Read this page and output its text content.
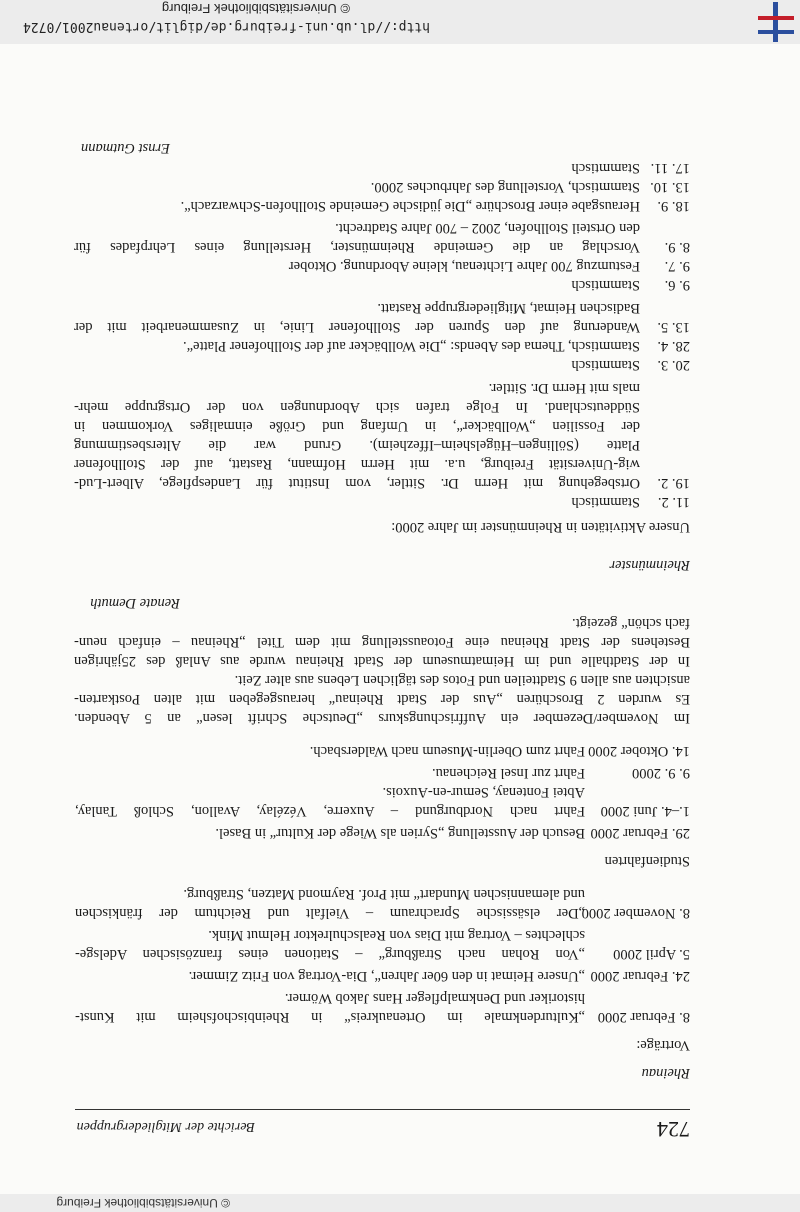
http://dl.ub.uni-freiburg.de/diglit/ortenau2001/0724
© Universitätsbibliothek Freiburg
© Universitätsbibliothek Freiburg
724
Berichte der Mitgliedergruppen
Rheinau
Vorträge:
8. Februar 2000
„Kulturdenkmale im Ortenaukreis“ in Rheinbischofsheim mit Kunst-
historiker und Denkmalpfleger Hans Jakob Wörner.
24. Februar 2000
„Unsere Heimat in den 60er Jahren“, Dia-Vortrag von Fritz Zimmer.
5. April 2000
„Von Rohan nach Straßburg“ – Stationen eines französischen Adelsge-
schlechtes – Vortrag mit Dias von Realschulrektor Helmut Mink.
8. November 2000
„Der elsässische Sprachraum – Vielfalt und Reichtum der fränkischen
und alemannischen Mundart“ mit Prof. Raymond Matzen, Straßburg.
Studienfahrten
29. Februar 2000
Besuch der Ausstellung „Syrien als Wiege der Kultur“ in Basel.
1.–4. Juni 2000
Fahrt nach Nordburgund – Auxerre, Vézélay, Avallon, Schloß Tanlay,
Abtei Fontenay, Semur-en-Auxois.
9. 9. 2000
Fahrt zur Insel Reichenau.
14. Oktober 2000
Fahrt zum Oberlin-Museum nach Waldersbach.
Im November/Dezember ein Auffrischungskurs „Deutsche Schrift lesen“ an 5 Abenden.
Es wurden 2 Broschüren „Aus der Stadt Rheinau“ herausgegeben mit alten Postkarten-
ansichten aus allen 9 Stadtteilen und Fotos des täglichen Lebens aus alter Zeit.
In der Stadthalle und im Heimatmuseum der Stadt Rheinau wurde aus Anlaß des 25jährigen
Bestehens der Stadt Rheinau eine Fotoausstellung mit dem Titel „Rheinau – einfach neun-
fach schön“ gezeigt.
Renate Demuth
Rheinmünster
Unsere Aktivitäten in Rheinmünster im Jahre 2000:
11. 2.
Stammtisch
19. 2.
Ortsbegehung mit Herrn Dr. Sittler, vom Institut für Landespflege, Albert-Lud-
wig-Universität Freiburg, u.a. mit Herrn Hofmann, Rastatt, auf der Stollhofener
Platte (Söllingen–Hügelsheim–Iffezheim). Grund war die Altersbestimmung
der Fossilien „Wollbäcker“, in Umfang und Größe einmaliges Vorkommen in
Süddeutschland. In Folge trafen sich Abordnungen von der Ortsgruppe mehr-
mals mit Herrn Dr. Sittler.
20. 3.
Stammtisch
28. 4.
Stammtisch, Thema des Abends: „Die Wollbäcker auf der Stollhofener Platte“.
13. 5.
Wanderung auf den Spuren der Stollhofener Linie, in Zusammenarbeit mit der
Badischen Heimat, Mitgliedergruppe Rastatt.
9. 6.
Stammtisch
9. 7.
Festumzug 700 Jahre Lichtenau, kleine Abordnung. Oktober
8. 9.
Vorschlag an die Gemeinde Rheinmünster, Herstellung eines Lehrpfades für
den Ortsteil Stollhofen, 2002 – 700 Jahre Stadtrecht.
18. 9.
Herausgabe einer Broschüre „Die jüdische Gemeinde Stollhofen-Schwarzach“.
13. 10.
Stammtisch, Vorstellung des Jahrbuches 2000.
17. 11.
Stammtisch
Ernst Gutmann
